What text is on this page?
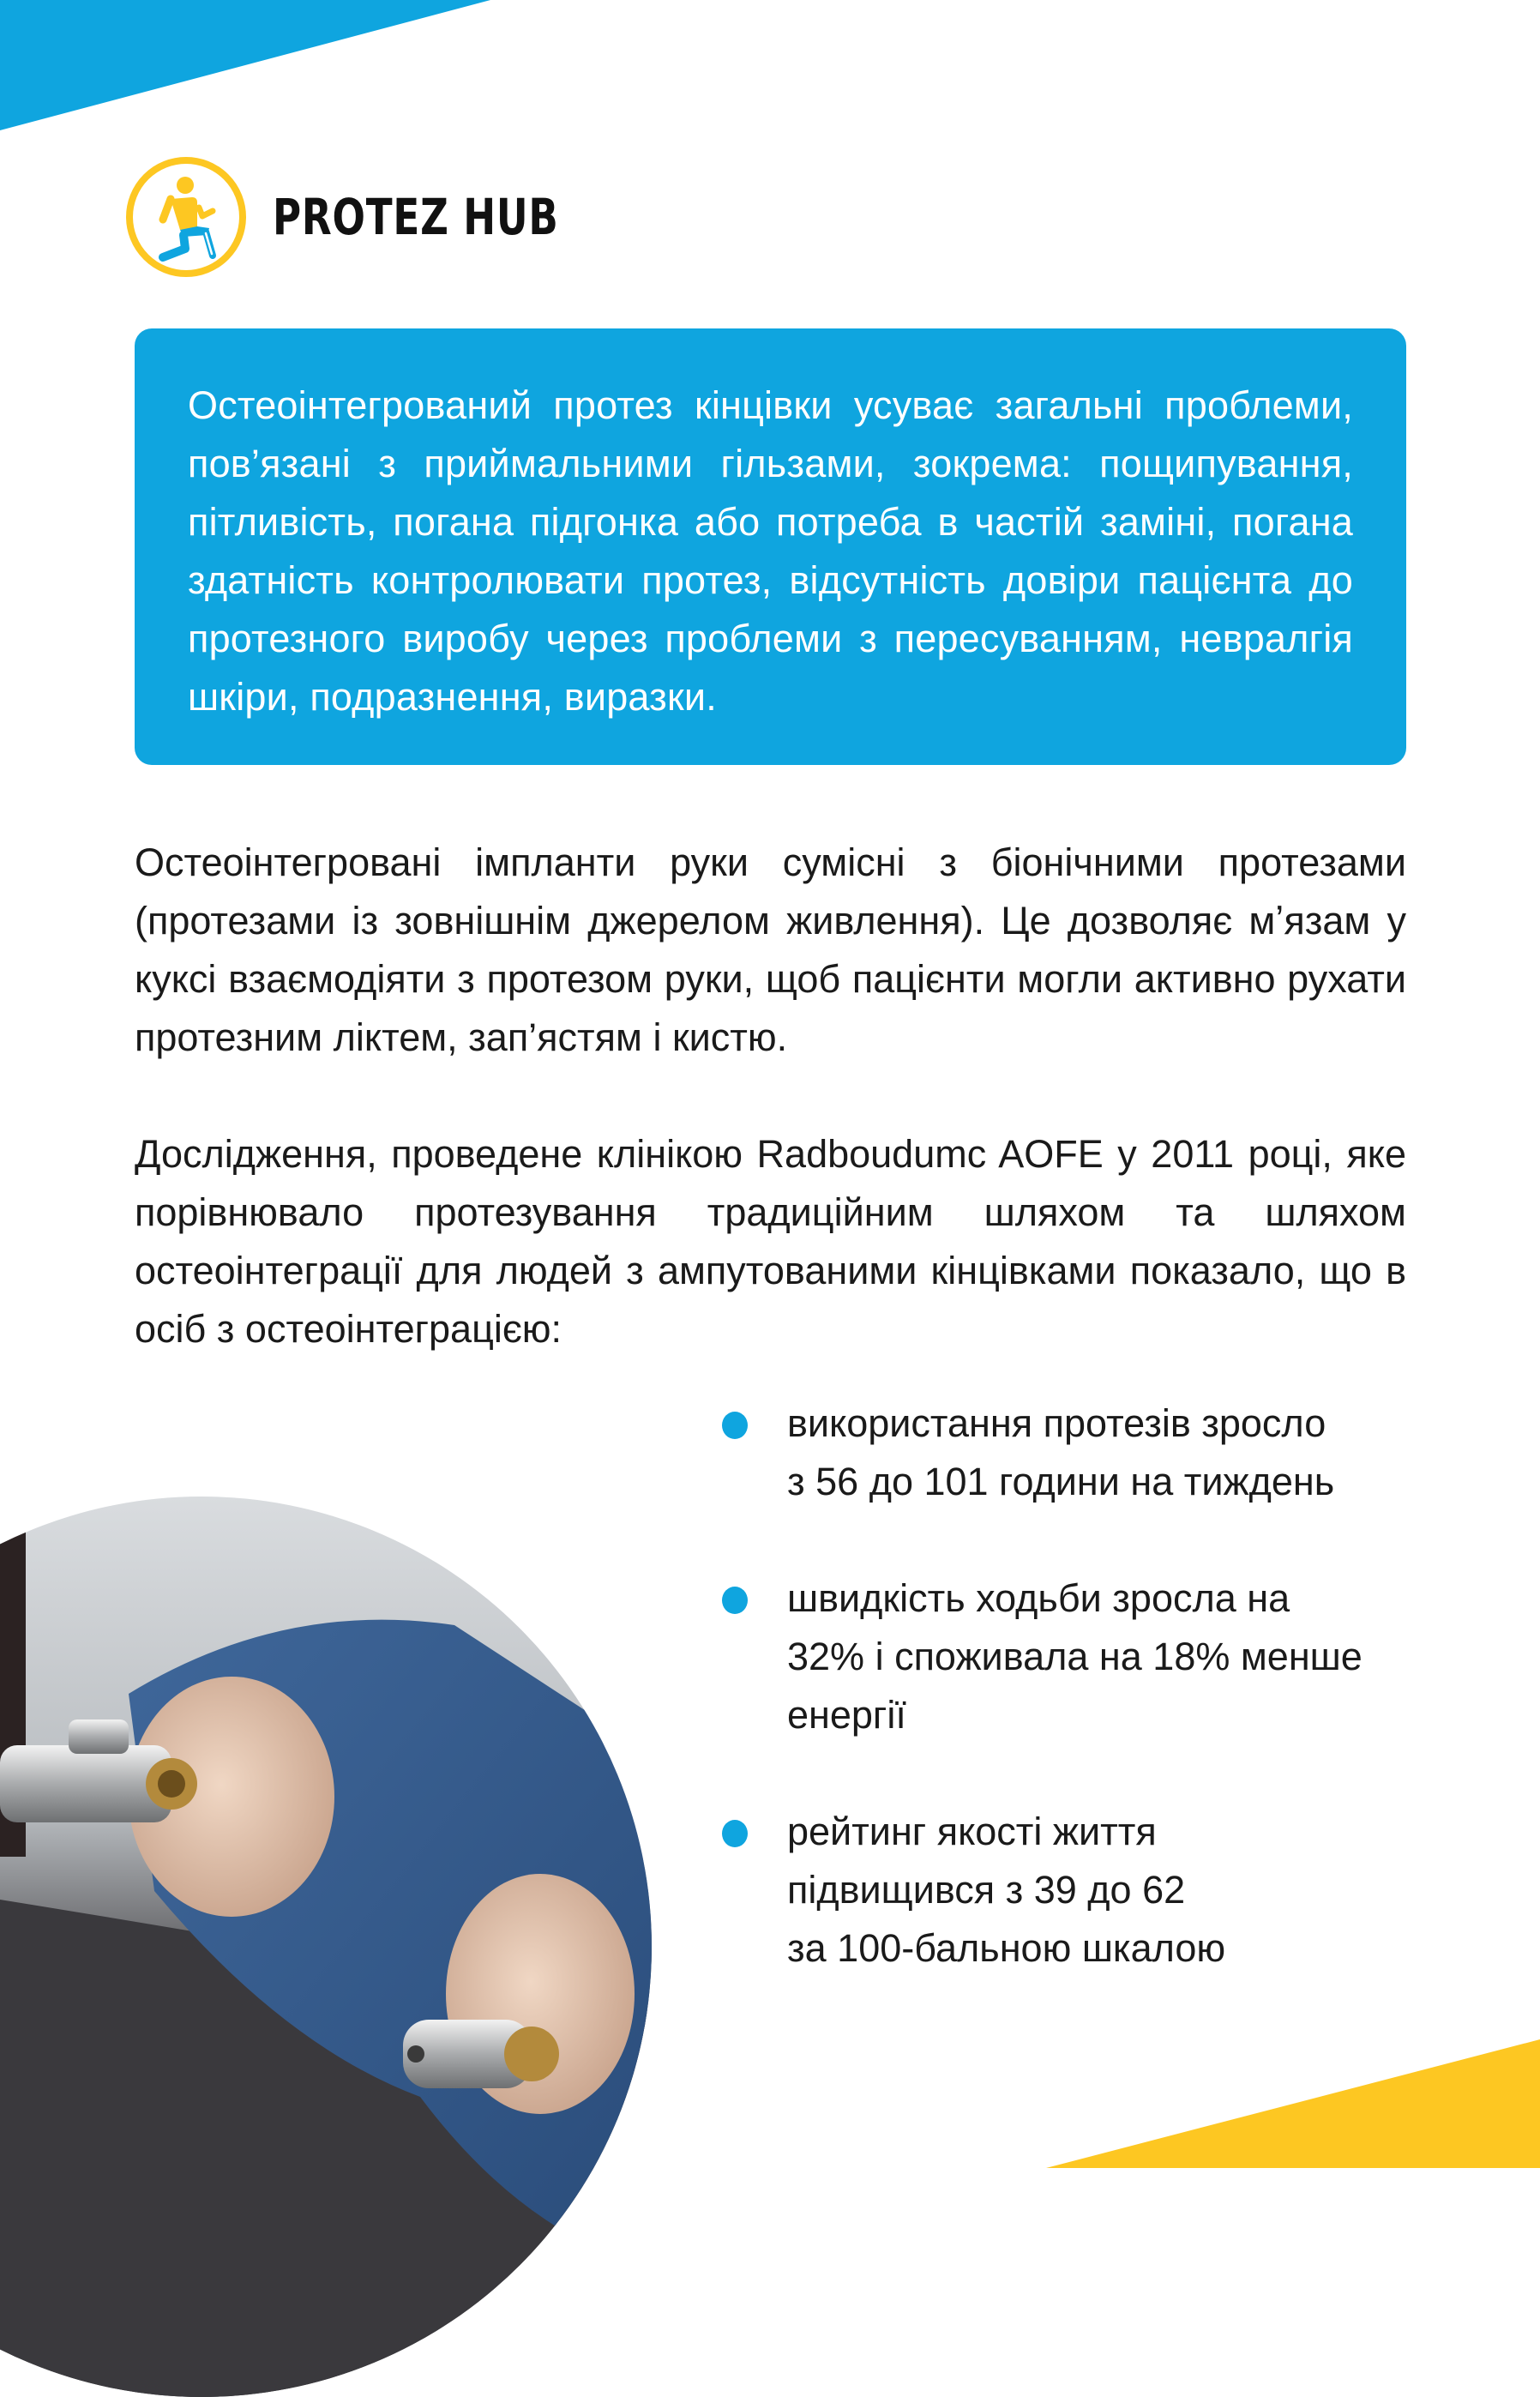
PROTEZ HUB

Остеоінтегрований протез кінцівки усуває загальні проблеми, пов’язані з приймальними гільзами, зокрема: пощипування, пітливість, погана підгонка або потреба в частій заміні, погана здатність контролювати протез, відсутність довіри пацієнта до протезного виробу через проблеми з пересуванням, невралгія шкіри, подразнення, виразки.

Остеоінтегровані імпланти руки сумісні з біонічними протезами (протезами із зовнішнім джерелом живлення). Це дозволяє мʼязам у куксі взаємодіяти з протезом руки, щоб пацієнти могли активно рухати протезним ліктем, зап’ястям і кистю.

Дослідження, проведене клінікою Radboudumc AOFE у 2011 році, яке порівнювало протезування традиційним шляхом та шляхом остеоінтеграції для людей з ампутованими кінцівками показало, що в осіб з остеоінтеграцією:

використання протезів зросло
з 56 до 101 години на тиждень
швидкість ходьби зросла на
32% і споживала на 18% менше
енергії
рейтинг якості життя
підвищився з 39 до 62
за 100-бальною шкалою
